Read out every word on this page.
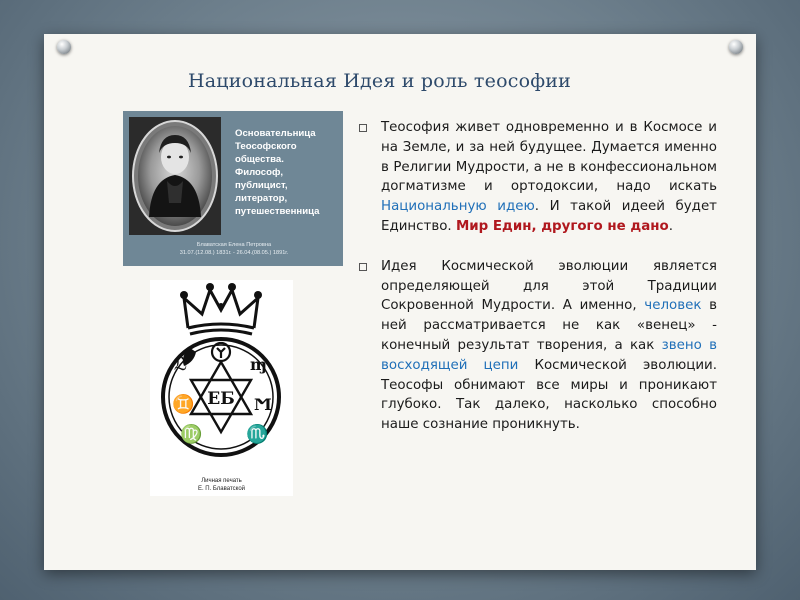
Национальная Идея и роль теософии
Основательница
Теософского
общества.
Философ,
публицист,
литератор,
путешественница
Блаватская Елена Петровна
31.07.(12.08.) 1831г. - 26.04.(08.05.) 1891г.
ЕБ
ℒ	ɱ
♊	Ϻ
♍ ♏
Личная печать
Е. П. Блаватской
Теософия живет одновременно и в Космосе и на Земле, и за ней будущее. Думается именно в Религии Мудрости, а не в конфессиональном догматизме и ортодоксии, надо искать Национальную идею. И такой идеей будет Единство. Мир Един, другого не дано.
Идея Космической эволюции является определяющей для этой Традиции Сокровенной Мудрости. А именно, человек в ней рассматривается не как «венец» - конечный результат творения, а как звено в восходящей цепи Космической эволюции. Теософы обнимают все миры и проникают глубоко. Так далеко, насколько способно наше сознание проникнуть.
